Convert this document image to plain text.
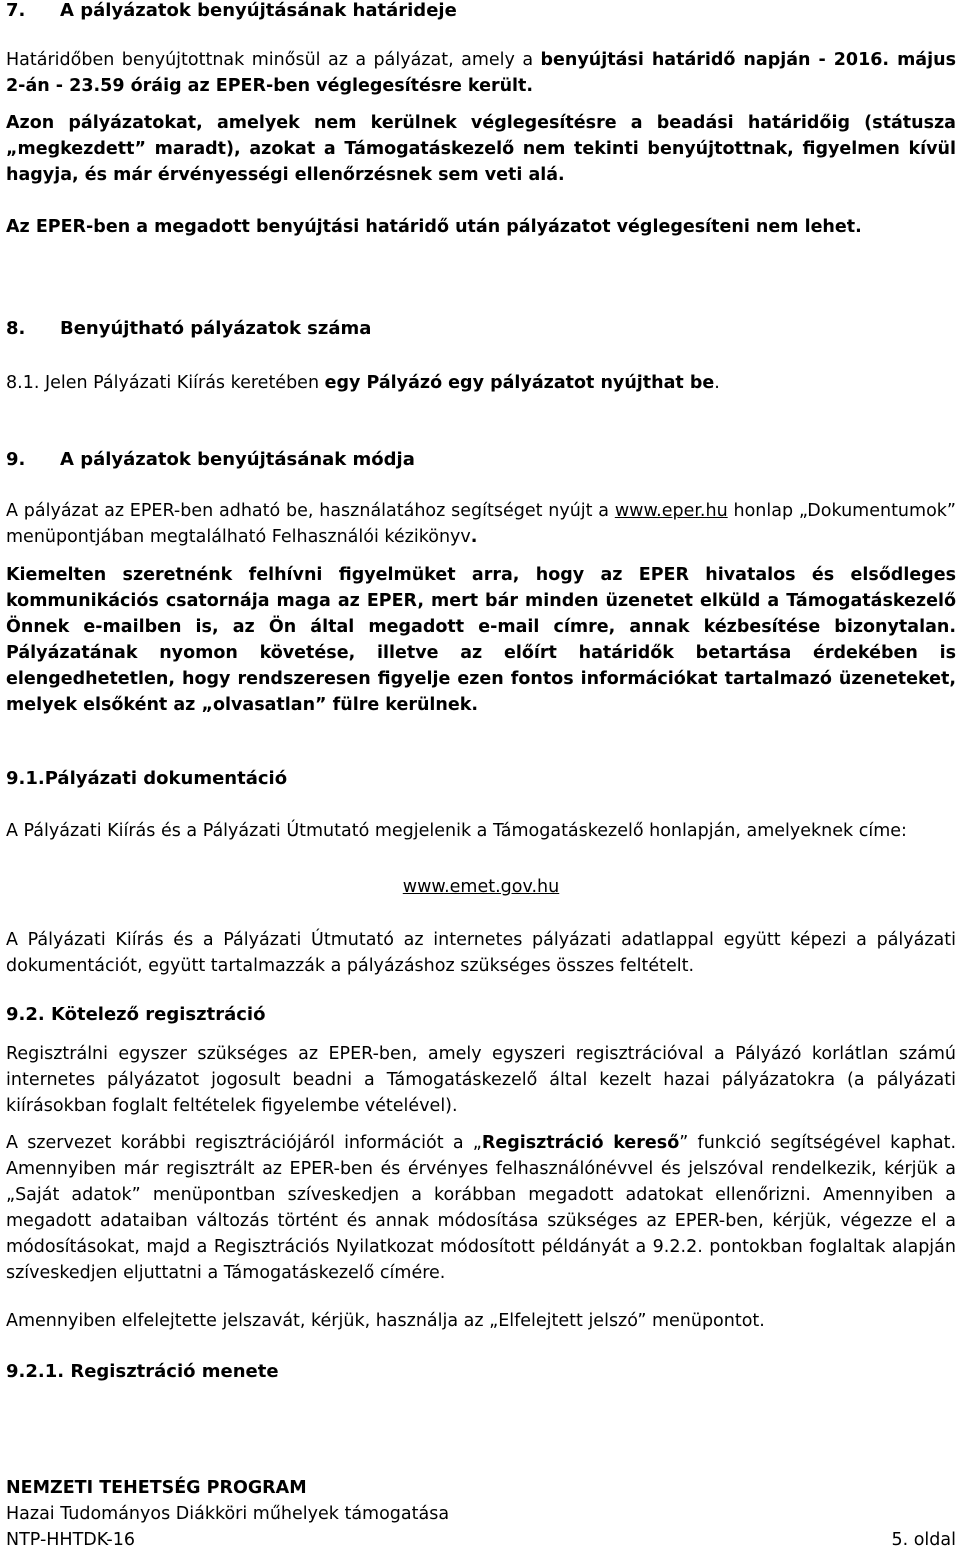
7. A pályázatok benyújtásának határideje

Határidőben benyújtottnak minősül az a pályázat, amely a benyújtási határidő napján - 2016. május 2-án - 23.59 óráig az EPER-ben véglegesítésre került.

Azon pályázatokat, amelyek nem kerülnek véglegesítésre a beadási határidőig (státusza „megkezdett” maradt), azokat a Támogatáskezelő nem tekinti benyújtottnak, figyelmen kívül hagyja, és már érvényességi ellenőrzésnek sem veti alá.

Az EPER-ben a megadott benyújtási határidő után pályázatot véglegesíteni nem lehet.

8. Benyújtható pályázatok száma

8.1. Jelen Pályázati Kiírás keretében egy Pályázó egy pályázatot nyújthat be.

9. A pályázatok benyújtásának módja

A pályázat az EPER-ben adható be, használatához segítséget nyújt a www.eper.hu honlap „Dokumentumok” menüpontjában megtalálható Felhasználói kézikönyv.

Kiemelten szeretnénk felhívni figyelmüket arra, hogy az EPER hivatalos és elsődleges kommunikációs csatornája maga az EPER, mert bár minden üzenetet elküld a Támogatáskezelő Önnek e-mailben is, az Ön által megadott e-mail címre, annak kézbesítése bizonytalan. Pályázatának nyomon követése, illetve az előírt határidők betartása érdekében is elengedhetetlen, hogy rendszeresen figyelje ezen fontos információkat tartalmazó üzeneteket, melyek elsőként az „olvasatlan” fülre kerülnek.

9.1.Pályázati dokumentáció

A Pályázati Kiírás és a Pályázati Útmutató megjelenik a Támogatáskezelő honlapján, amelyeknek címe:

www.emet.gov.hu

A Pályázati Kiírás és a Pályázati Útmutató az internetes pályázati adatlappal együtt képezi a pályázati dokumentációt, együtt tartalmazzák a pályázáshoz szükséges összes feltételt.

9.2. Kötelező regisztráció

Regisztrálni egyszer szükséges az EPER-ben, amely egyszeri regisztrációval a Pályázó korlátlan számú internetes pályázatot jogosult beadni a Támogatáskezelő által kezelt hazai pályázatokra (a pályázati kiírásokban foglalt feltételek figyelembe vételével).

A szervezet korábbi regisztrációjáról információt a „Regisztráció kereső” funkció segítségével kaphat. Amennyiben már regisztrált az EPER-ben és érvényes felhasználónévvel és jelszóval rendelkezik, kérjük a „Saját adatok” menüpontban szíveskedjen a korábban megadott adatokat ellenőrizni. Amennyiben a megadott adataiban változás történt és annak módosítása szükséges az EPER-ben, kérjük, végezze el a módosításokat, majd a Regisztrációs Nyilatkozat módosított példányát a 9.2.2. pontokban foglaltak alapján szíveskedjen eljuttatni a Támogatáskezelő címére.

Amennyiben elfelejtette jelszavát, kérjük, használja az „Elfelejtett jelszó” menüpontot.

9.2.1. Regisztráció menete
NEMZETI TEHETSÉG PROGRAM
Hazai Tudományos Diákköri műhelyek támogatása
NTP-HHTDK-16	5. oldal
